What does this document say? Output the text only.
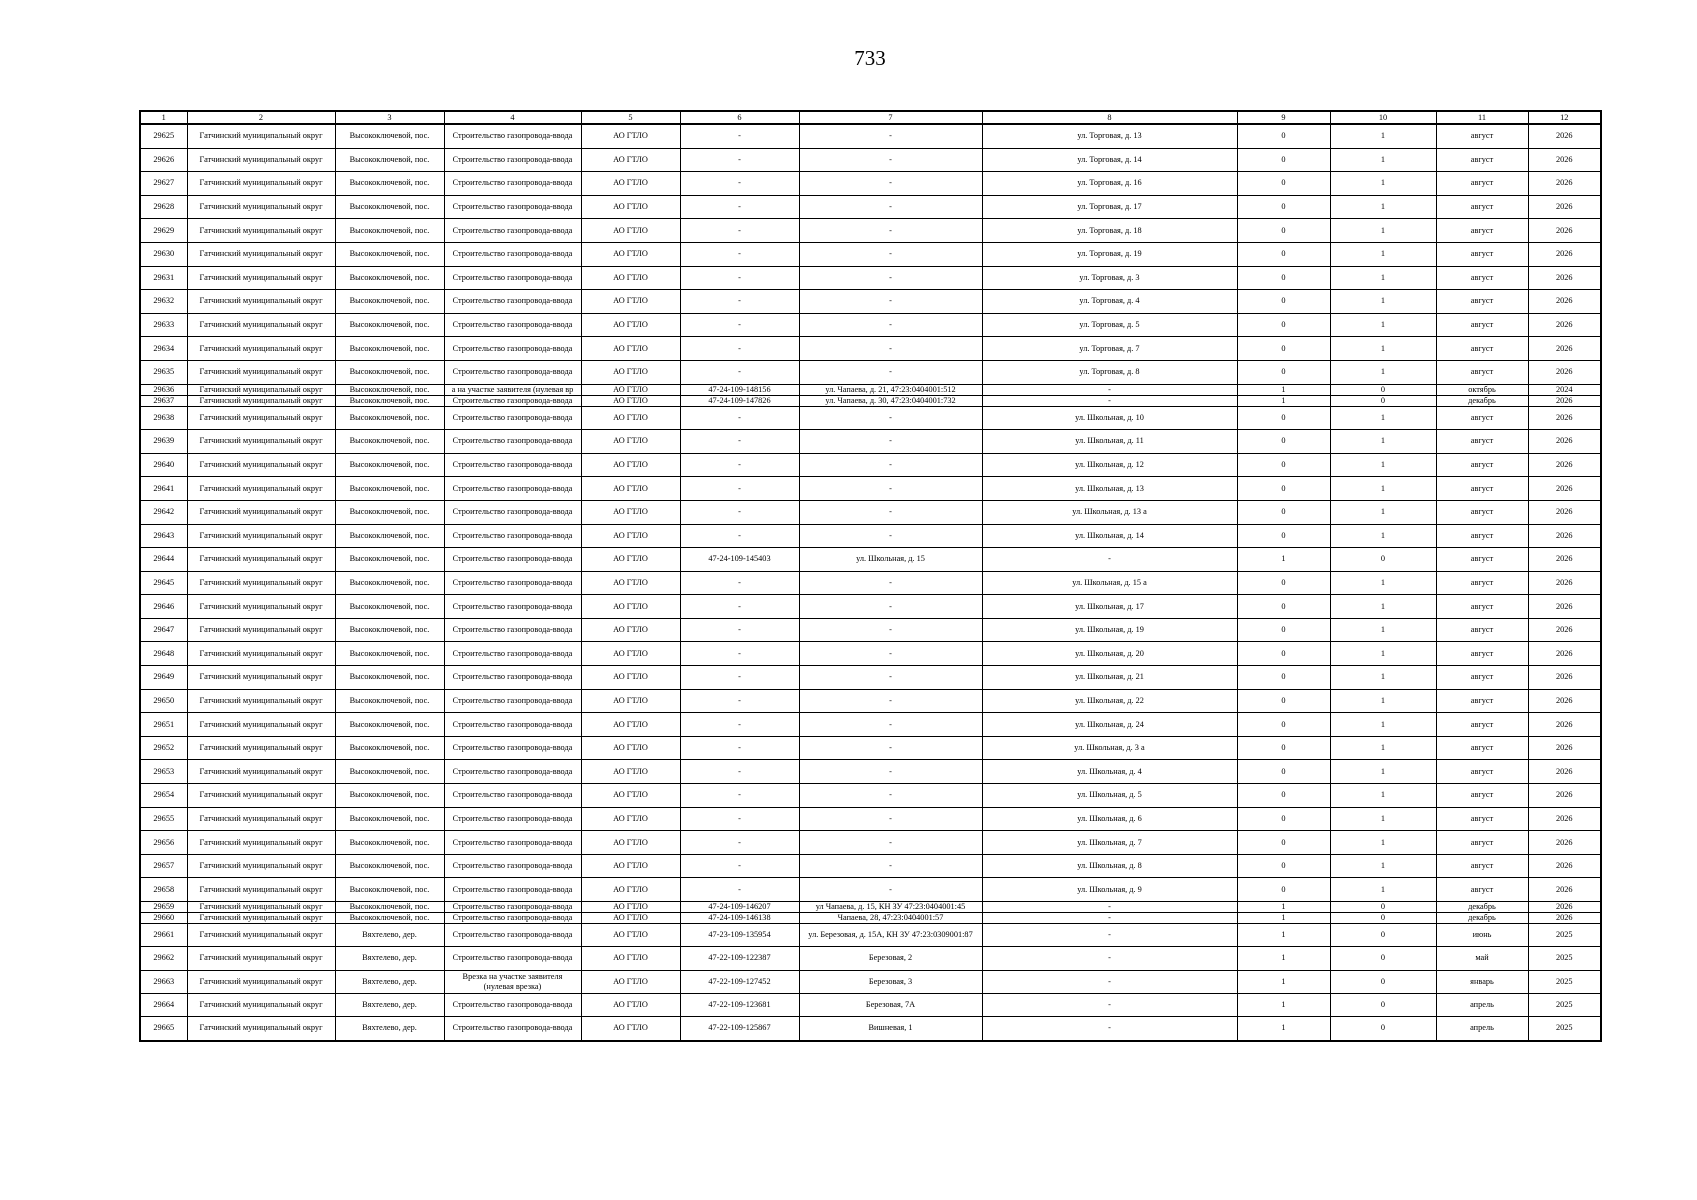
733
1	2	3	4	5	6	7	8	9	10	11	12
29625	Гатчинский муниципальный округ	Высокоключевой, пос.	Строительство газопровода-ввода	АО ГТЛО	-	-	ул. Торговая, д. 13	0	1	август	2026
29626	Гатчинский муниципальный округ	Высокоключевой, пос.	Строительство газопровода-ввода	АО ГТЛО	-	-	ул. Торговая, д. 14	0	1	август	2026
29627	Гатчинский муниципальный округ	Высокоключевой, пос.	Строительство газопровода-ввода	АО ГТЛО	-	-	ул. Торговая, д. 16	0	1	август	2026
29628	Гатчинский муниципальный округ	Высокоключевой, пос.	Строительство газопровода-ввода	АО ГТЛО	-	-	ул. Торговая, д. 17	0	1	август	2026
29629	Гатчинский муниципальный округ	Высокоключевой, пос.	Строительство газопровода-ввода	АО ГТЛО	-	-	ул. Торговая, д. 18	0	1	август	2026
29630	Гатчинский муниципальный округ	Высокоключевой, пос.	Строительство газопровода-ввода	АО ГТЛО	-	-	ул. Торговая, д. 19	0	1	август	2026
29631	Гатчинский муниципальный округ	Высокоключевой, пос.	Строительство газопровода-ввода	АО ГТЛО	-	-	ул. Торговая, д. 3	0	1	август	2026
29632	Гатчинский муниципальный округ	Высокоключевой, пос.	Строительство газопровода-ввода	АО ГТЛО	-	-	ул. Торговая, д. 4	0	1	август	2026
29633	Гатчинский муниципальный округ	Высокоключевой, пос.	Строительство газопровода-ввода	АО ГТЛО	-	-	ул. Торговая, д. 5	0	1	август	2026
29634	Гатчинский муниципальный округ	Высокоключевой, пос.	Строительство газопровода-ввода	АО ГТЛО	-	-	ул. Торговая, д. 7	0	1	август	2026
29635	Гатчинский муниципальный округ	Высокоключевой, пос.	Строительство газопровода-ввода	АО ГТЛО	-	-	ул. Торговая, д. 8	0	1	август	2026
29636	Гатчинский муниципальный округ	Высокоключевой, пос.	а на участке заявителя (нулевая вр	АО ГТЛО	47-24-109-148156	ул. Чапаева, д. 21, 47:23:0404001:512	-	1	0	октябрь	2024
29637	Гатчинский муниципальный округ	Высокоключевой, пос.	Строительство газопровода-ввода	АО ГТЛО	47-24-109-147826	ул. Чапаева, д. 30, 47:23:0404001:732	-	1	0	декабрь	2026
29638	Гатчинский муниципальный округ	Высокоключевой, пос.	Строительство газопровода-ввода	АО ГТЛО	-	-	ул. Школьная, д. 10	0	1	август	2026
29639	Гатчинский муниципальный округ	Высокоключевой, пос.	Строительство газопровода-ввода	АО ГТЛО	-	-	ул. Школьная, д. 11	0	1	август	2026
29640	Гатчинский муниципальный округ	Высокоключевой, пос.	Строительство газопровода-ввода	АО ГТЛО	-	-	ул. Школьная, д. 12	0	1	август	2026
29641	Гатчинский муниципальный округ	Высокоключевой, пос.	Строительство газопровода-ввода	АО ГТЛО	-	-	ул. Школьная, д. 13	0	1	август	2026
29642	Гатчинский муниципальный округ	Высокоключевой, пос.	Строительство газопровода-ввода	АО ГТЛО	-	-	ул. Школьная, д. 13 а	0	1	август	2026
29643	Гатчинский муниципальный округ	Высокоключевой, пос.	Строительство газопровода-ввода	АО ГТЛО	-	-	ул. Школьная, д. 14	0	1	август	2026
29644	Гатчинский муниципальный округ	Высокоключевой, пос.	Строительство газопровода-ввода	АО ГТЛО	47-24-109-145403	ул. Школьная, д. 15	-	1	0	август	2026
29645	Гатчинский муниципальный округ	Высокоключевой, пос.	Строительство газопровода-ввода	АО ГТЛО	-	-	ул. Школьная, д. 15 а	0	1	август	2026
29646	Гатчинский муниципальный округ	Высокоключевой, пос.	Строительство газопровода-ввода	АО ГТЛО	-	-	ул. Школьная, д. 17	0	1	август	2026
29647	Гатчинский муниципальный округ	Высокоключевой, пос.	Строительство газопровода-ввода	АО ГТЛО	-	-	ул. Школьная, д. 19	0	1	август	2026
29648	Гатчинский муниципальный округ	Высокоключевой, пос.	Строительство газопровода-ввода	АО ГТЛО	-	-	ул. Школьная, д. 20	0	1	август	2026
29649	Гатчинский муниципальный округ	Высокоключевой, пос.	Строительство газопровода-ввода	АО ГТЛО	-	-	ул. Школьная, д. 21	0	1	август	2026
29650	Гатчинский муниципальный округ	Высокоключевой, пос.	Строительство газопровода-ввода	АО ГТЛО	-	-	ул. Школьная, д. 22	0	1	август	2026
29651	Гатчинский муниципальный округ	Высокоключевой, пос.	Строительство газопровода-ввода	АО ГТЛО	-	-	ул. Школьная, д. 24	0	1	август	2026
29652	Гатчинский муниципальный округ	Высокоключевой, пос.	Строительство газопровода-ввода	АО ГТЛО	-	-	ул. Школьная, д. 3 а	0	1	август	2026
29653	Гатчинский муниципальный округ	Высокоключевой, пос.	Строительство газопровода-ввода	АО ГТЛО	-	-	ул. Школьная, д. 4	0	1	август	2026
29654	Гатчинский муниципальный округ	Высокоключевой, пос.	Строительство газопровода-ввода	АО ГТЛО	-	-	ул. Школьная, д. 5	0	1	август	2026
29655	Гатчинский муниципальный округ	Высокоключевой, пос.	Строительство газопровода-ввода	АО ГТЛО	-	-	ул. Школьная, д. 6	0	1	август	2026
29656	Гатчинский муниципальный округ	Высокоключевой, пос.	Строительство газопровода-ввода	АО ГТЛО	-	-	ул. Школьная, д. 7	0	1	август	2026
29657	Гатчинский муниципальный округ	Высокоключевой, пос.	Строительство газопровода-ввода	АО ГТЛО	-	-	ул. Школьная, д. 8	0	1	август	2026
29658	Гатчинский муниципальный округ	Высокоключевой, пос.	Строительство газопровода-ввода	АО ГТЛО	-	-	ул. Школьная, д. 9	0	1	август	2026
29659	Гатчинский муниципальный округ	Высокоключевой, пос.	Строительство газопровода-ввода	АО ГТЛО	47-24-109-146207	ул Чапаева, д. 15, КН ЗУ 47:23:0404001:45	-	1	0	декабрь	2026
29660	Гатчинский муниципальный округ	Высокоключевой, пос.	Строительство газопровода-ввода	АО ГТЛО	47-24-109-146138	Чапаева, 28, 47:23:0404001:57	-	1	0	декабрь	2026
29661	Гатчинский муниципальный округ	Вяхтелево, дер.	Строительство газопровода-ввода	АО ГТЛО	47-23-109-135954	ул. Березовая, д. 15А, КН ЗУ 47:23:0309001:87	-	1	0	июнь	2025
29662	Гатчинский муниципальный округ	Вяхтелево, дер.	Строительство газопровода-ввода	АО ГТЛО	47-22-109-122387	Березовая, 2	-	1	0	май	2025
29663	Гатчинский муниципальный округ	Вяхтелево, дер.	Врезка на участке заявителя (нулевая врезка)	АО ГТЛО	47-22-109-127452	Березовая, 3	-	1	0	январь	2025
29664	Гатчинский муниципальный округ	Вяхтелево, дер.	Строительство газопровода-ввода	АО ГТЛО	47-22-109-123681	Березовая, 7А	-	1	0	апрель	2025
29665	Гатчинский муниципальный округ	Вяхтелево, дер.	Строительство газопровода-ввода	АО ГТЛО	47-22-109-125867	Вишневая, 1	-	1	0	апрель	2025
